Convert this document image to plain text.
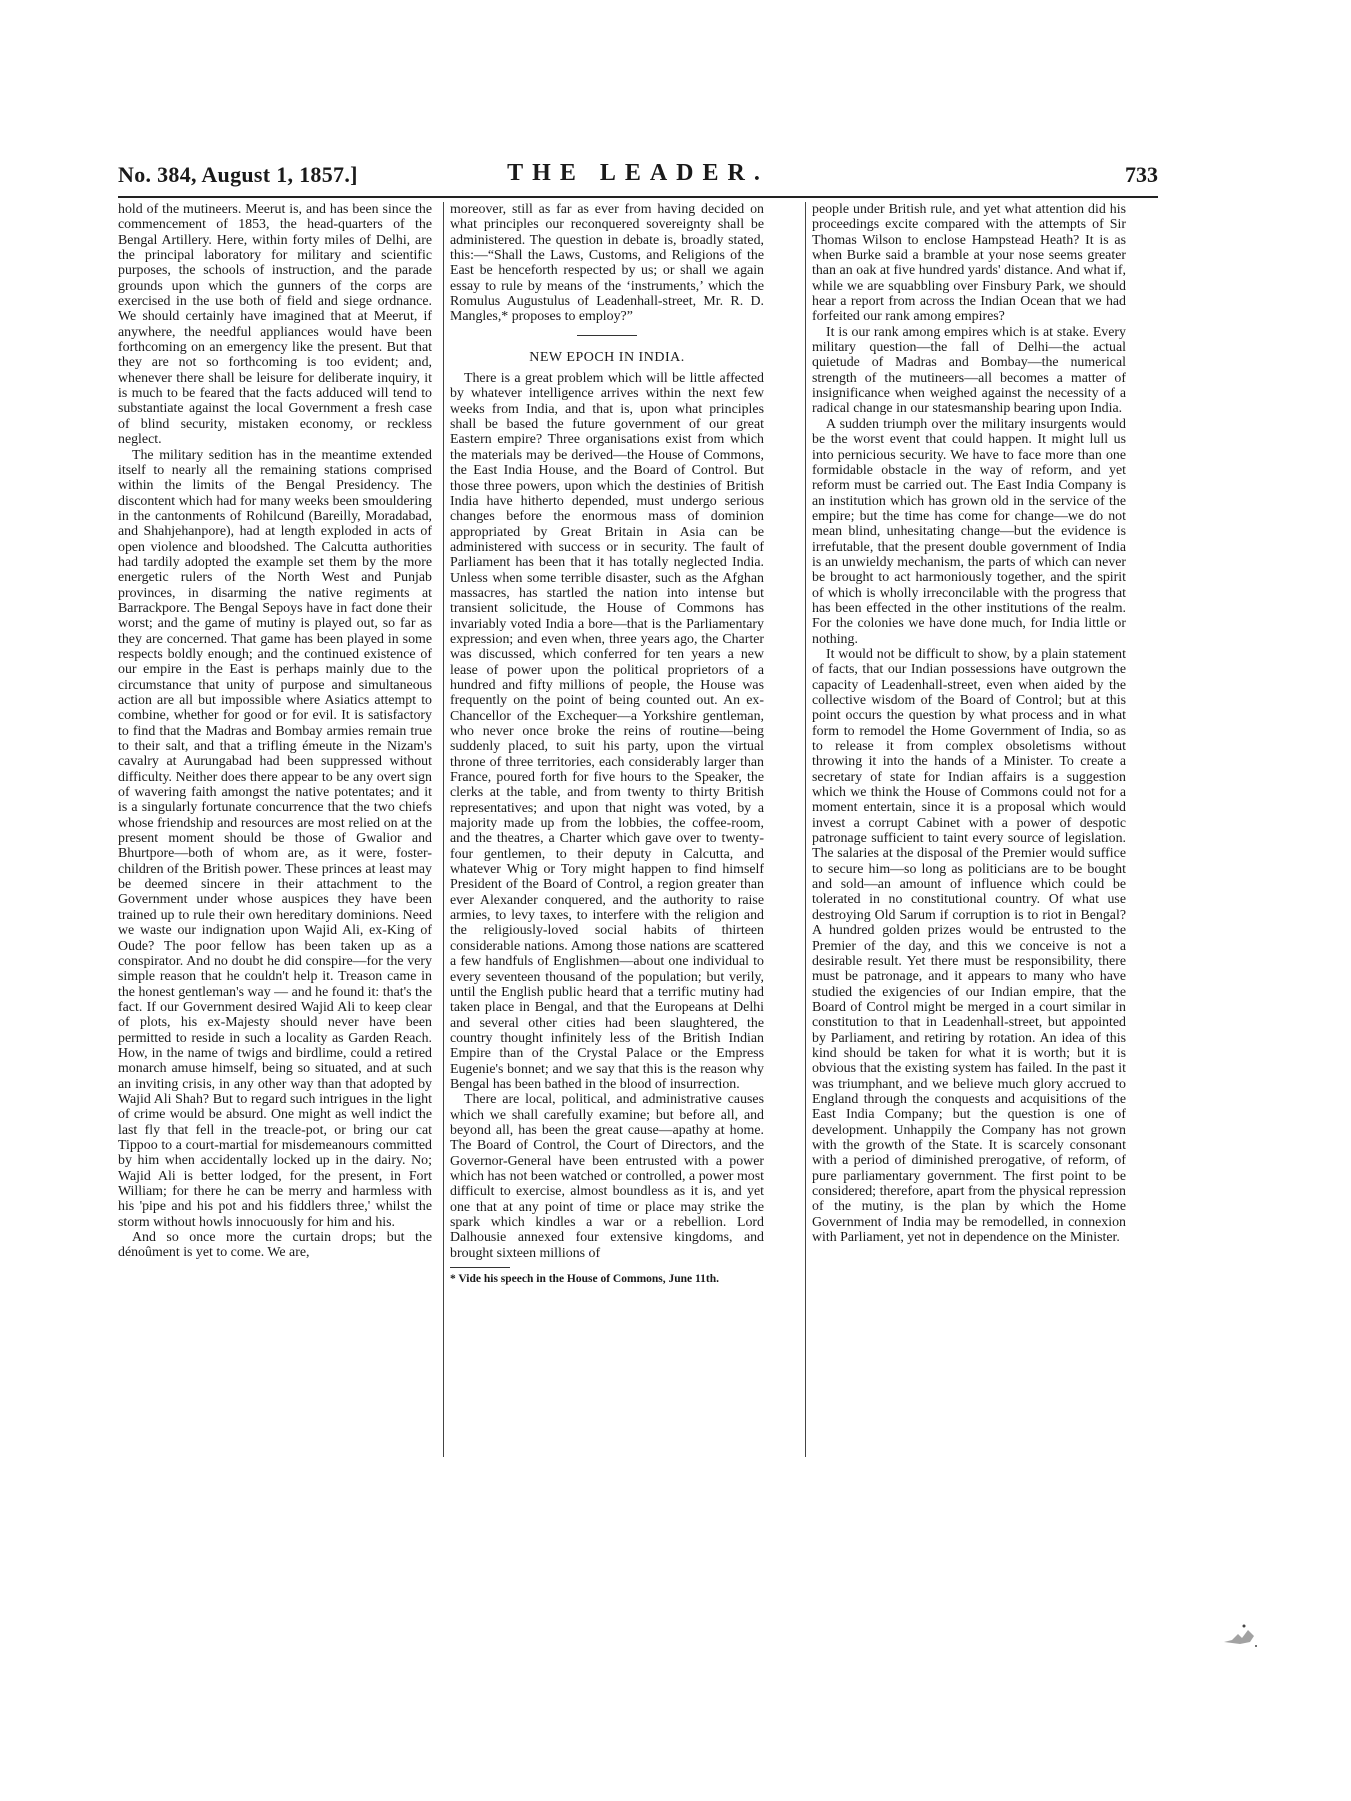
No. 384, August 1, 1857.]	THE LEADER.	733

hold of the mutineers. Meerut is, and has been since the commencement of 1853, the head-quarters of the Bengal Artillery. Here, within forty miles of Delhi, are the principal laboratory for military and scientific purposes, the schools of instruction, and the parade grounds upon which the gunners of the corps are exercised in the use both of field and siege ordnance. We should certainly have imagined that at Meerut, if anywhere, the needful appliances would have been forthcoming on an emergency like the present. But that they are not so forthcoming is too evident; and, whenever there shall be leisure for deliberate inquiry, it is much to be feared that the facts adduced will tend to substantiate against the local Government a fresh case of blind security, mistaken economy, or reckless neglect.

The military sedition has in the meantime extended itself to nearly all the remaining stations comprised within the limits of the Bengal Presidency. The discontent which had for many weeks been smouldering in the cantonments of Rohilcund (Bareilly, Moradabad, and Shahjehanpore), had at length exploded in acts of open violence and bloodshed. The Calcutta authorities had tardily adopted the example set them by the more energetic rulers of the North West and Punjab provinces, in disarming the native regiments at Barrackpore. The Bengal Sepoys have in fact done their worst; and the game of mutiny is played out, so far as they are concerned. That game has been played in some respects boldly enough; and the continued existence of our empire in the East is perhaps mainly due to the circumstance that unity of purpose and simultaneous action are all but impossible where Asiatics attempt to combine, whether for good or for evil. It is satisfactory to find that the Madras and Bombay armies remain true to their salt, and that a trifling émeute in the Nizam's cavalry at Aurungabad had been suppressed without difficulty. Neither does there appear to be any overt sign of wavering faith amongst the native potentates; and it is a singularly fortunate concurrence that the two chiefs whose friendship and resources are most relied on at the present moment should be those of Gwalior and Bhurtpore—both of whom are, as it were, foster-children of the British power. These princes at least may be deemed sincere in their attachment to the Government under whose auspices they have been trained up to rule their own hereditary dominions. Need we waste our indignation upon Wajid Ali, ex-King of Oude? The poor fellow has been taken up as a conspirator. And no doubt he did conspire—for the very simple reason that he couldn't help it. Treason came in the honest gentleman's way — and he found it: that's the fact. If our Government desired Wajid Ali to keep clear of plots, his ex-Majesty should never have been permitted to reside in such a locality as Garden Reach. How, in the name of twigs and birdlime, could a retired monarch amuse himself, being so situated, and at such an inviting crisis, in any other way than that adopted by Wajid Ali Shah? But to regard such intrigues in the light of crime would be absurd. One might as well indict the last fly that fell in the treacle-pot, or bring our cat Tippoo to a court-martial for misdemeanours committed by him when accidentally locked up in the dairy. No; Wajid Ali is better lodged, for the present, in Fort William; for there he can be merry and harmless with his 'pipe and his pot and his fiddlers three,' whilst the storm without howls innocuously for him and his.

And so once more the curtain drops; but the dénoûment is yet to come. We are,

moreover, still as far as ever from having decided on what principles our reconquered sovereignty shall be administered. The question in debate is, broadly stated, this:—“Shall the Laws, Customs, and Religions of the East be henceforth respected by us; or shall we again essay to rule by means of the ‘instruments,’ which the Romulus Augustulus of Leadenhall-street, Mr. R. D. Mangles,* proposes to employ?”

NEW EPOCH IN INDIA.

There is a great problem which will be little affected by whatever intelligence arrives within the next few weeks from India, and that is, upon what principles shall be based the future government of our great Eastern empire? Three organisations exist from which the materials may be derived—the House of Commons, the East India House, and the Board of Control. But those three powers, upon which the destinies of British India have hitherto depended, must undergo serious changes before the enormous mass of dominion appropriated by Great Britain in Asia can be administered with success or in security. The fault of Parliament has been that it has totally neglected India. Unless when some terrible disaster, such as the Afghan massacres, has startled the nation into intense but transient solicitude, the House of Commons has invariably voted India a bore—that is the Parliamentary expression; and even when, three years ago, the Charter was discussed, which conferred for ten years a new lease of power upon the political proprietors of a hundred and fifty millions of people, the House was frequently on the point of being counted out. An ex-Chancellor of the Exchequer—a Yorkshire gentleman, who never once broke the reins of routine—being suddenly placed, to suit his party, upon the virtual throne of three territories, each considerably larger than France, poured forth for five hours to the Speaker, the clerks at the table, and from twenty to thirty British representatives; and upon that night was voted, by a majority made up from the lobbies, the coffee-room, and the theatres, a Charter which gave over to twenty-four gentlemen, to their deputy in Calcutta, and whatever Whig or Tory might happen to find himself President of the Board of Control, a region greater than ever Alexander conquered, and the authority to raise armies, to levy taxes, to interfere with the religion and the religiously-loved social habits of thirteen considerable nations. Among those nations are scattered a few handfuls of Englishmen—about one individual to every seventeen thousand of the population; but verily, until the English public heard that a terrific mutiny had taken place in Bengal, and that the Europeans at Delhi and several other cities had been slaughtered, the country thought infinitely less of the British Indian Empire than of the Crystal Palace or the Empress Eugenie's bonnet; and we say that this is the reason why Bengal has been bathed in the blood of insurrection.

There are local, political, and administrative causes which we shall carefully examine; but before all, and beyond all, has been the great cause—apathy at home. The Board of Control, the Court of Directors, and the Governor-General have been entrusted with a power which has not been watched or controlled, a power most difficult to exercise, almost boundless as it is, and yet one that at any point of time or place may strike the spark which kindles a war or a rebellion. Lord Dalhousie annexed four extensive kingdoms, and brought sixteen millions of

* Vide his speech in the House of Commons, June 11th.

people under British rule, and yet what attention did his proceedings excite compared with the attempts of Sir Thomas Wilson to enclose Hampstead Heath? It is as when Burke said a bramble at your nose seems greater than an oak at five hundred yards' distance. And what if, while we are squabbling over Finsbury Park, we should hear a report from across the Indian Ocean that we had forfeited our rank among empires?

It is our rank among empires which is at stake. Every military question—the fall of Delhi—the actual quietude of Madras and Bombay—the numerical strength of the mutineers—all becomes a matter of insignificance when weighed against the necessity of a radical change in our statesmanship bearing upon India.

A sudden triumph over the military insurgents would be the worst event that could happen. It might lull us into pernicious security. We have to face more than one formidable obstacle in the way of reform, and yet reform must be carried out. The East India Company is an institution which has grown old in the service of the empire; but the time has come for change—we do not mean blind, unhesitating change—but the evidence is irrefutable, that the present double government of India is an unwieldy mechanism, the parts of which can never be brought to act harmoniously together, and the spirit of which is wholly irreconcilable with the progress that has been effected in the other institutions of the realm. For the colonies we have done much, for India little or nothing.

It would not be difficult to show, by a plain statement of facts, that our Indian possessions have outgrown the capacity of Leadenhall-street, even when aided by the collective wisdom of the Board of Control; but at this point occurs the question by what process and in what form to remodel the Home Government of India, so as to release it from complex obsoletisms without throwing it into the hands of a Minister. To create a secretary of state for Indian affairs is a suggestion which we think the House of Commons could not for a moment entertain, since it is a proposal which would invest a corrupt Cabinet with a power of despotic patronage sufficient to taint every source of legislation. The salaries at the disposal of the Premier would suffice to secure him—so long as politicians are to be bought and sold—an amount of influence which could be tolerated in no constitutional country. Of what use destroying Old Sarum if corruption is to riot in Bengal? A hundred golden prizes would be entrusted to the Premier of the day, and this we conceive is not a desirable result. Yet there must be responsibility, there must be patronage, and it appears to many who have studied the exigencies of our Indian empire, that the Board of Control might be merged in a court similar in constitution to that in Leadenhall-street, but appointed by Parliament, and retiring by rotation. An idea of this kind should be taken for what it is worth; but it is obvious that the existing system has failed. In the past it was triumphant, and we believe much glory accrued to England through the conquests and acquisitions of the East India Company; but the question is one of development. Unhappily the Company has not grown with the growth of the State. It is scarcely consonant with a period of diminished prerogative, of reform, of pure parliamentary government. The first point to be considered; therefore, apart from the physical repression of the mutiny, is the plan by which the Home Government of India may be remodelled, in connexion with Parliament, yet not in dependence on the Minister.
